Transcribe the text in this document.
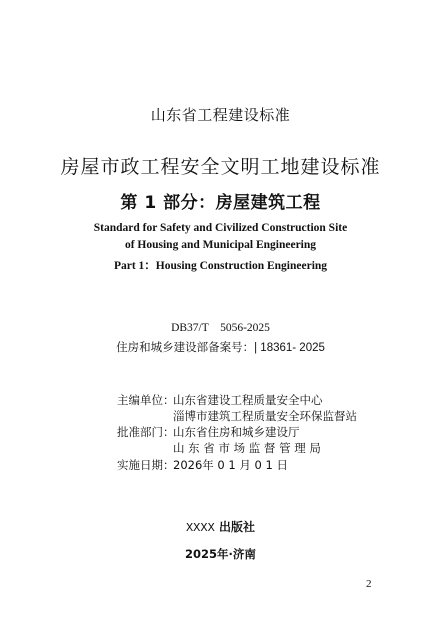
山东省工程建设标准
房屋市政工程安全文明工地建设标准
第 1 部分：房屋建筑工程
Standard for Safety and Civilized Construction Site
of Housing and Municipal Engineering
Part 1：Housing Construction Engineering
DB37/T    5056-2025
住房和城乡建设部备案号：| 18361- 2025
主编单位：山东省建设工程质量安全中心
淄博市建筑工程质量安全环保监督站
批准部门：山东省住房和城乡建设厅
山 东 省 市 场 监 督 管 理 局
实施日期：2026年 0 1 月 0 1 日
XXXX 出版社
2025年·济南
2
